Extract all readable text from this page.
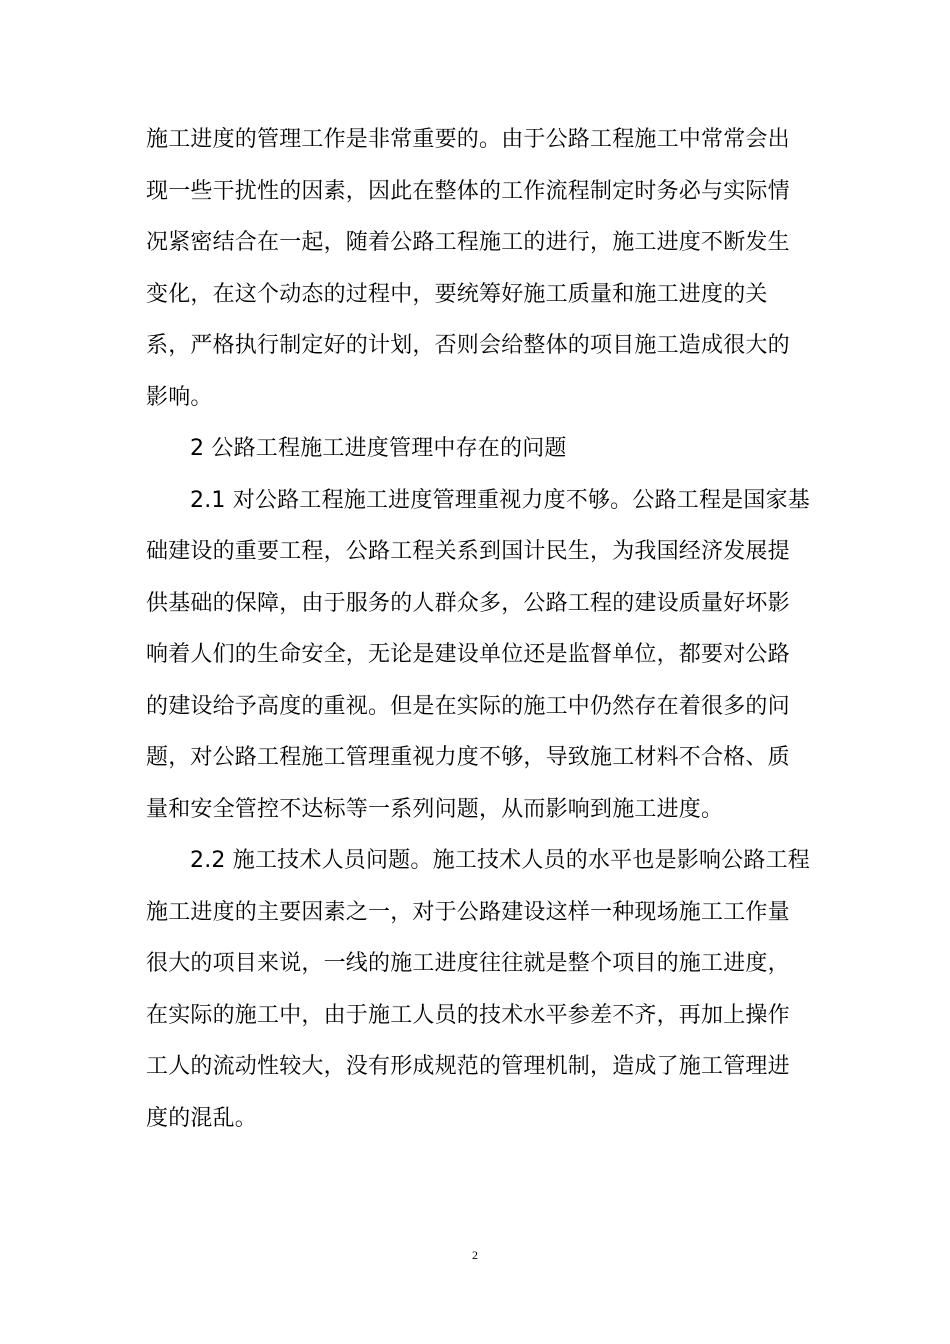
施工进度的管理工作是非常重要的。由于公路工程施工中常常会出
现一些干扰性的因素，因此在整体的工作流程制定时务必与实际情
况紧密结合在一起，随着公路工程施工的进行，施工进度不断发生
变化，在这个动态的过程中，要统筹好施工质量和施工进度的关
系，严格执行制定好的计划，否则会给整体的项目施工造成很大的
影响。
2 公路工程施工进度管理中存在的问题
2.1 对公路工程施工进度管理重视力度不够。公路工程是国家基
础建设的重要工程，公路工程关系到国计民生，为我国经济发展提
供基础的保障，由于服务的人群众多，公路工程的建设质量好坏影
响着人们的生命安全，无论是建设单位还是监督单位，都要对公路
的建设给予高度的重视。但是在实际的施工中仍然存在着很多的问
题，对公路工程施工管理重视力度不够，导致施工材料不合格、质
量和安全管控不达标等一系列问题，从而影响到施工进度。
2.2 施工技术人员问题。施工技术人员的水平也是影响公路工程
施工进度的主要因素之一，对于公路建设这样一种现场施工工作量
很大的项目来说，一线的施工进度往往就是整个项目的施工进度，
在实际的施工中，由于施工人员的技术水平参差不齐，再加上操作
工人的流动性较大，没有形成规范的管理机制，造成了施工管理进
度的混乱。
2
